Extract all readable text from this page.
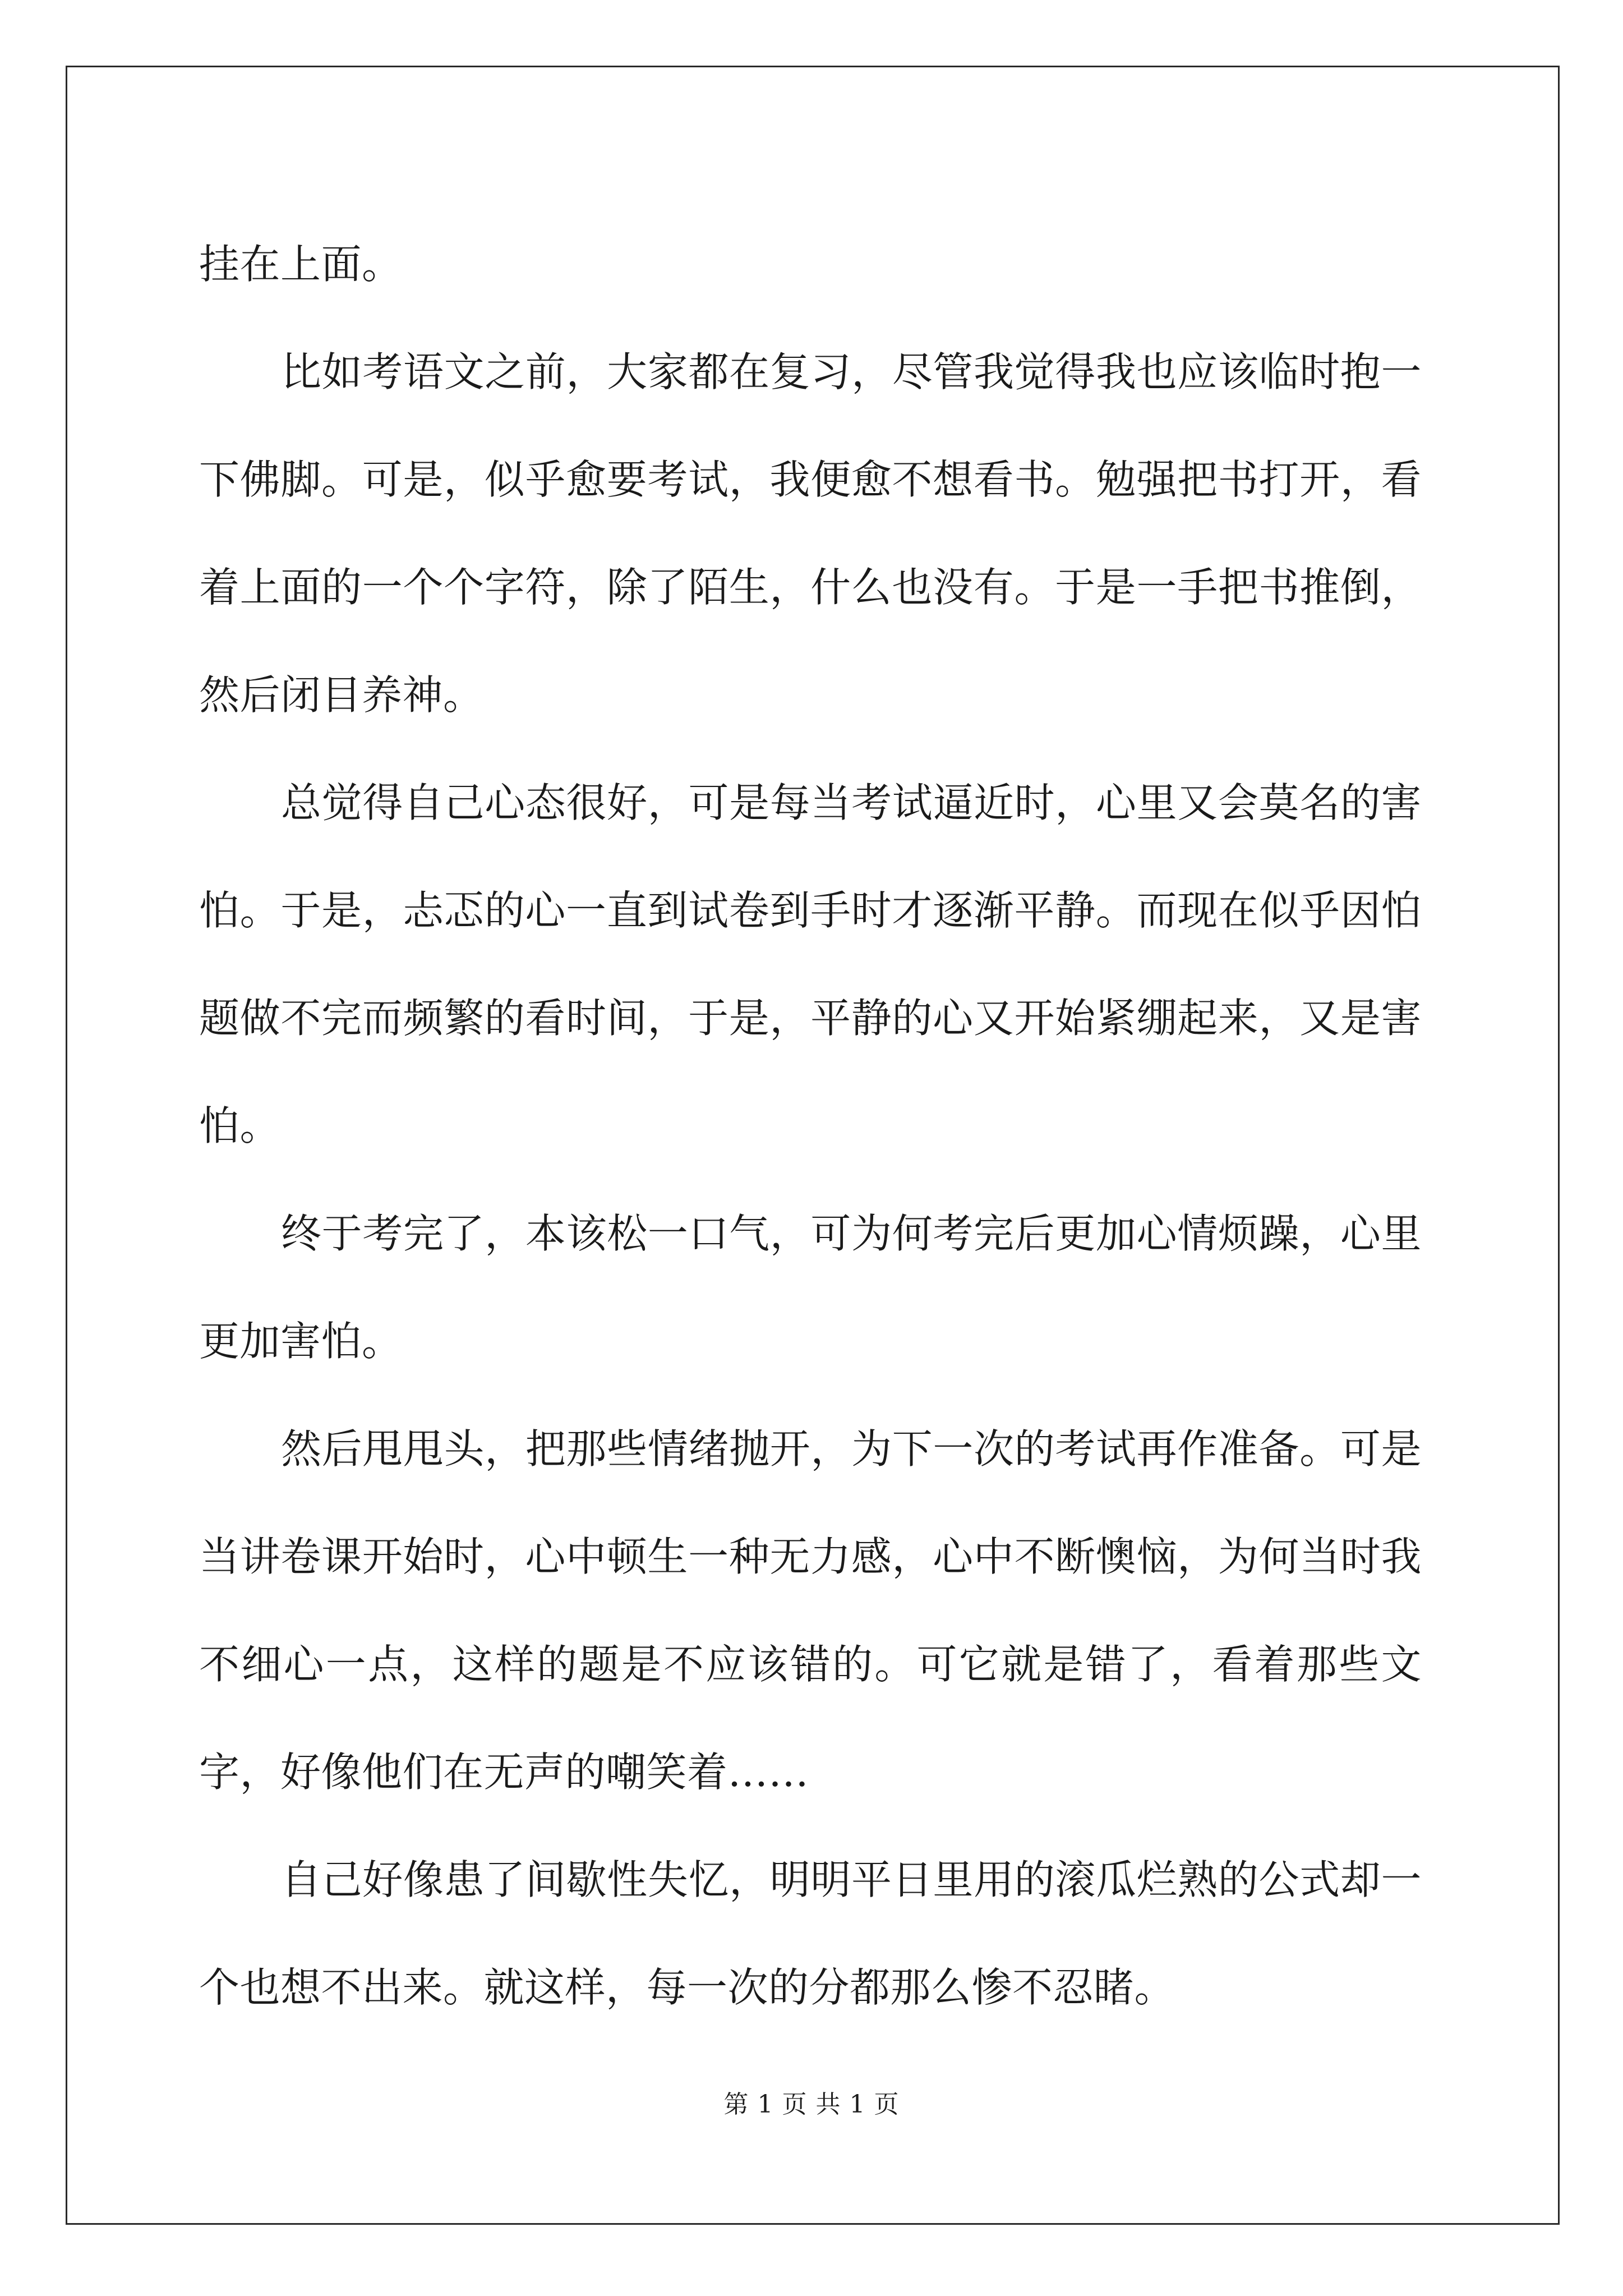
挂在上面。

比如考语文之前，大家都在复习，尽管我觉得我也应该临时抱一下佛脚。可是，似乎愈要考试，我便愈不想看书。勉强把书打开，看着上面的一个个字符，除了陌生，什么也没有。于是一手把书推倒，然后闭目养神。

总觉得自己心态很好，可是每当考试逼近时，心里又会莫名的害怕。于是，忐忑的心一直到试卷到手时才逐渐平静。而现在似乎因怕题做不完而频繁的看时间，于是，平静的心又开始紧绷起来，又是害怕。

终于考完了，本该松一口气，可为何考完后更加心情烦躁，心里更加害怕。

然后甩甩头，把那些情绪抛开，为下一次的考试再作准备。可是当讲卷课开始时，心中顿生一种无力感，心中不断懊恼，为何当时我不细心一点，这样的题是不应该错的。可它就是错了，看着那些文字，好像他们在无声的嘲笑着……

自己好像患了间歇性失忆，明明平日里用的滚瓜烂熟的公式却一个也想不出来。就这样，每一次的分都那么惨不忍睹。

第 1 页 共 1 页
